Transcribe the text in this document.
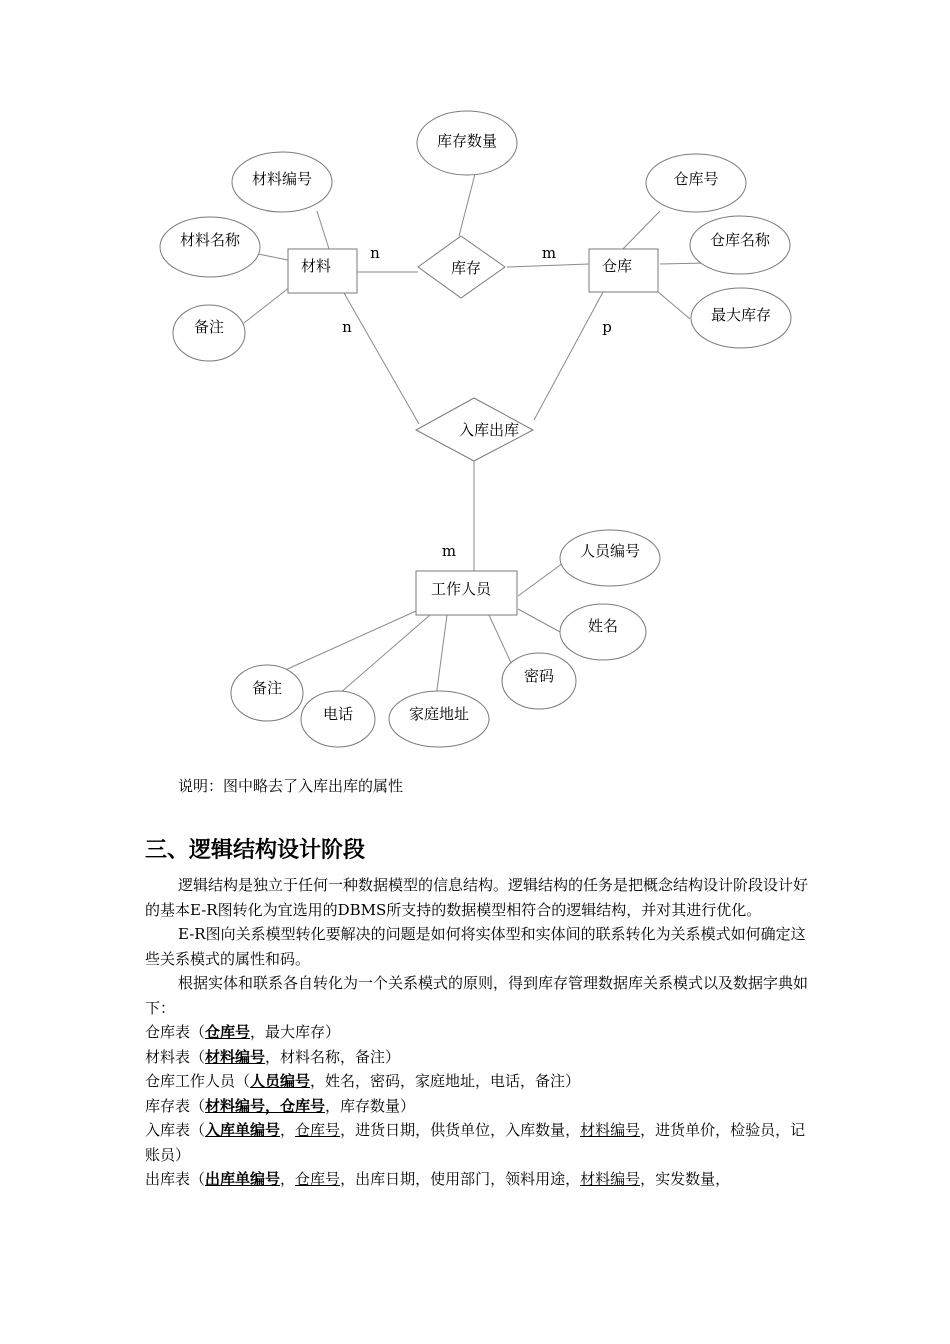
库存数量
材料编号
材料名称
备注
仓库号
仓库名称
最大库存
人员编号
姓名
密码
家庭地址
电话
备注
材料	仓库
工作人员
库存
入库出库
n	m
n	p
m
说明：图中略去了入库出库的属性
三、逻辑结构设计阶段

逻辑结构是独立于任何一种数据模型的信息结构。逻辑结构的任务是把概念结构设计阶段设计好的基本E-R图转化为宜选用的DBMS所支持的数据模型相符合的逻辑结构，并对其进行优化。

E-R图向关系模型转化要解决的问题是如何将实体型和实体间的联系转化为关系模式如何确定这些关系模式的属性和码。

根据实体和联系各自转化为一个关系模式的原则，得到库存管理数据库关系模式以及数据字典如下：

仓库表（仓库号，最大库存）

材料表（材料编号，材料名称，备注）

仓库工作人员（人员编号，姓名，密码，家庭地址，电话，备注）

库存表（材料编号，仓库号，库存数量）

入库表（入库单编号，仓库号，进货日期，供货单位，入库数量，材料编号，进货单价，检验员，记账员）

出库表（出库单编号，仓库号，出库日期，使用部门，领料用途，材料编号，实发数量，
